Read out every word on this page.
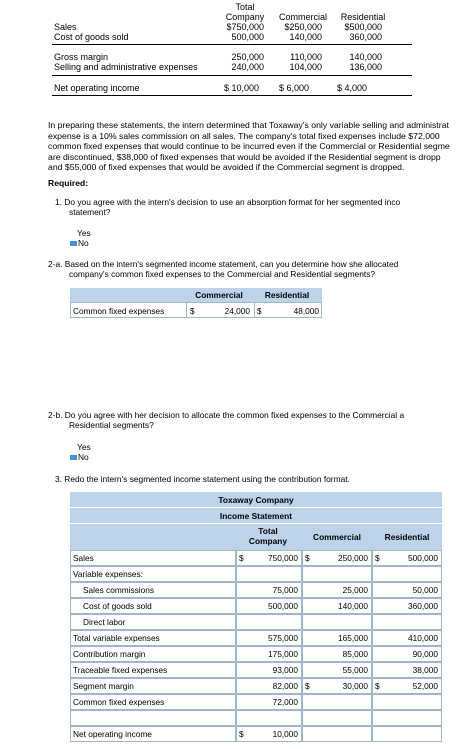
Total
Company	Commercial	Residential
Sales	$750,000	$250,000	$500,000
Cost of goods sold	500,000	140,000	360,000
Gross margin	250,000	110,000	140,000
Selling and administrative expenses	240,000	104,000	136,000
Net operating income	$ 10,000	$ 6,000	$ 4,000
In preparing these statements, the intern determined that Toxaway's only variable selling and administrat
expense is a 10% sales commission on all sales. The company's total fixed expenses include $72,000
common fixed expenses that would continue to be incurred even if the Commercial or Residential segme
are discontinued, $38,000 of fixed expenses that would be avoided if the Residential segment is dropp
and $55,000 of fixed expenses that would be avoided if the Commercial segment is dropped.
Required:
1. Do you agree with the intern's decision to use an absorption format for her segmented inco
statement?
Yes
No
2-a. Based on the intern's segmented income statement, can you determine how she allocated
company's common fixed expenses to the Commercial and Residential segments?
Commercial	Residential
Common fixed expenses	$	24,000 $	48,000
2-b. Do you agree with her decision to allocate the common fixed expenses to the Commercial a
Residential segments?
Yes
No
3. Redo the intern's segmented income statement using the contribution format.
Toxaway Company
Income Statement
Total
Company	Commercial	Residential
Sales	$	750,000 $	250,000 $	500,000
Variable expenses:
Sales commissions	75,000	25,000	50,000
Cost of goods sold	500,000	140,000	360,000
Direct labor
Total variable expenses	575,000	165,000	410,000
Contribution margin	175,000	85,000	90,000
Traceable fixed expenses	93,000	55,000	38,000
Segment margin	82,000 $	30,000 $	52,000
Common fixed expenses	72,000
Net operating income	$	10,000
